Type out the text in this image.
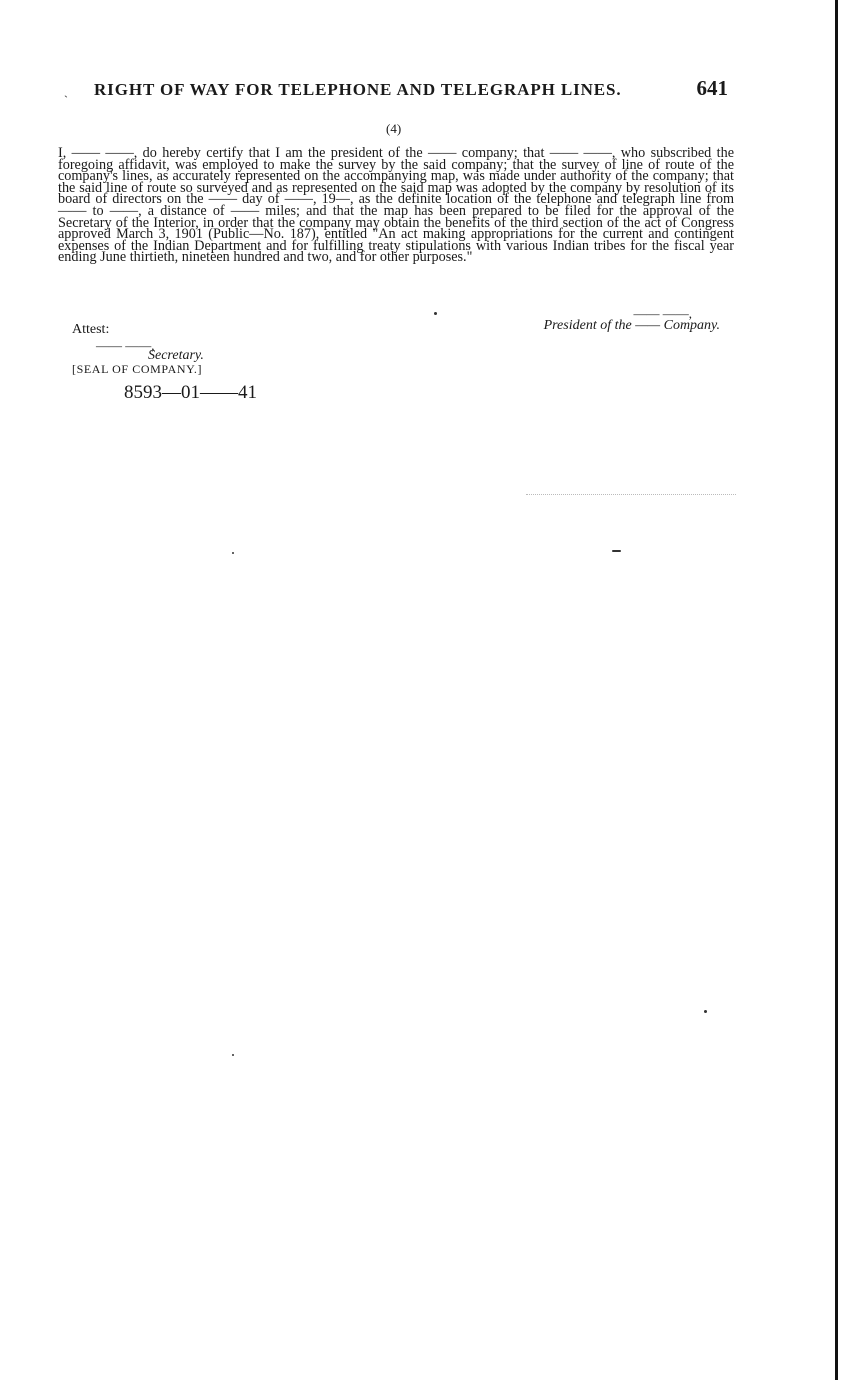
ˎ RIGHT OF WAY FOR TELEPHONE AND TELEGRAPH LINES.	641
(4)

I, —— ——, do hereby certify that I am the president of the —— company; that —— ——, who subscribed the foregoing affidavit, was employed to make the survey by the said company; that the survey of line of route of the company's lines, as accurately represented on the accompanying map, was made under authority of the company; that the said line of route so surveyed and as represented on the said map was adopted by the company by resolution of its board of directors on the —— day of ——, 19—, as the definite location of the telephone and telegraph line from —— to ——, a distance of —— miles; and that the map has been prepared to be filed for the approval of the Secretary of the Interior, in order that the company may obtain the benefits of the third section of the act of Congress approved March 3, 1901 (Public—No. 187), entitled "An act making appropriations for the current and contingent expenses of the Indian Department and for fulfilling treaty stipulations with various Indian tribes for the fiscal year ending June thirtieth, nineteen hundred and two, and for other purposes."

Attest:
—— ——,
President of the —— Company.
—— ——,
Secretary.
[SEAL OF COMPANY.]
8593—01——41
